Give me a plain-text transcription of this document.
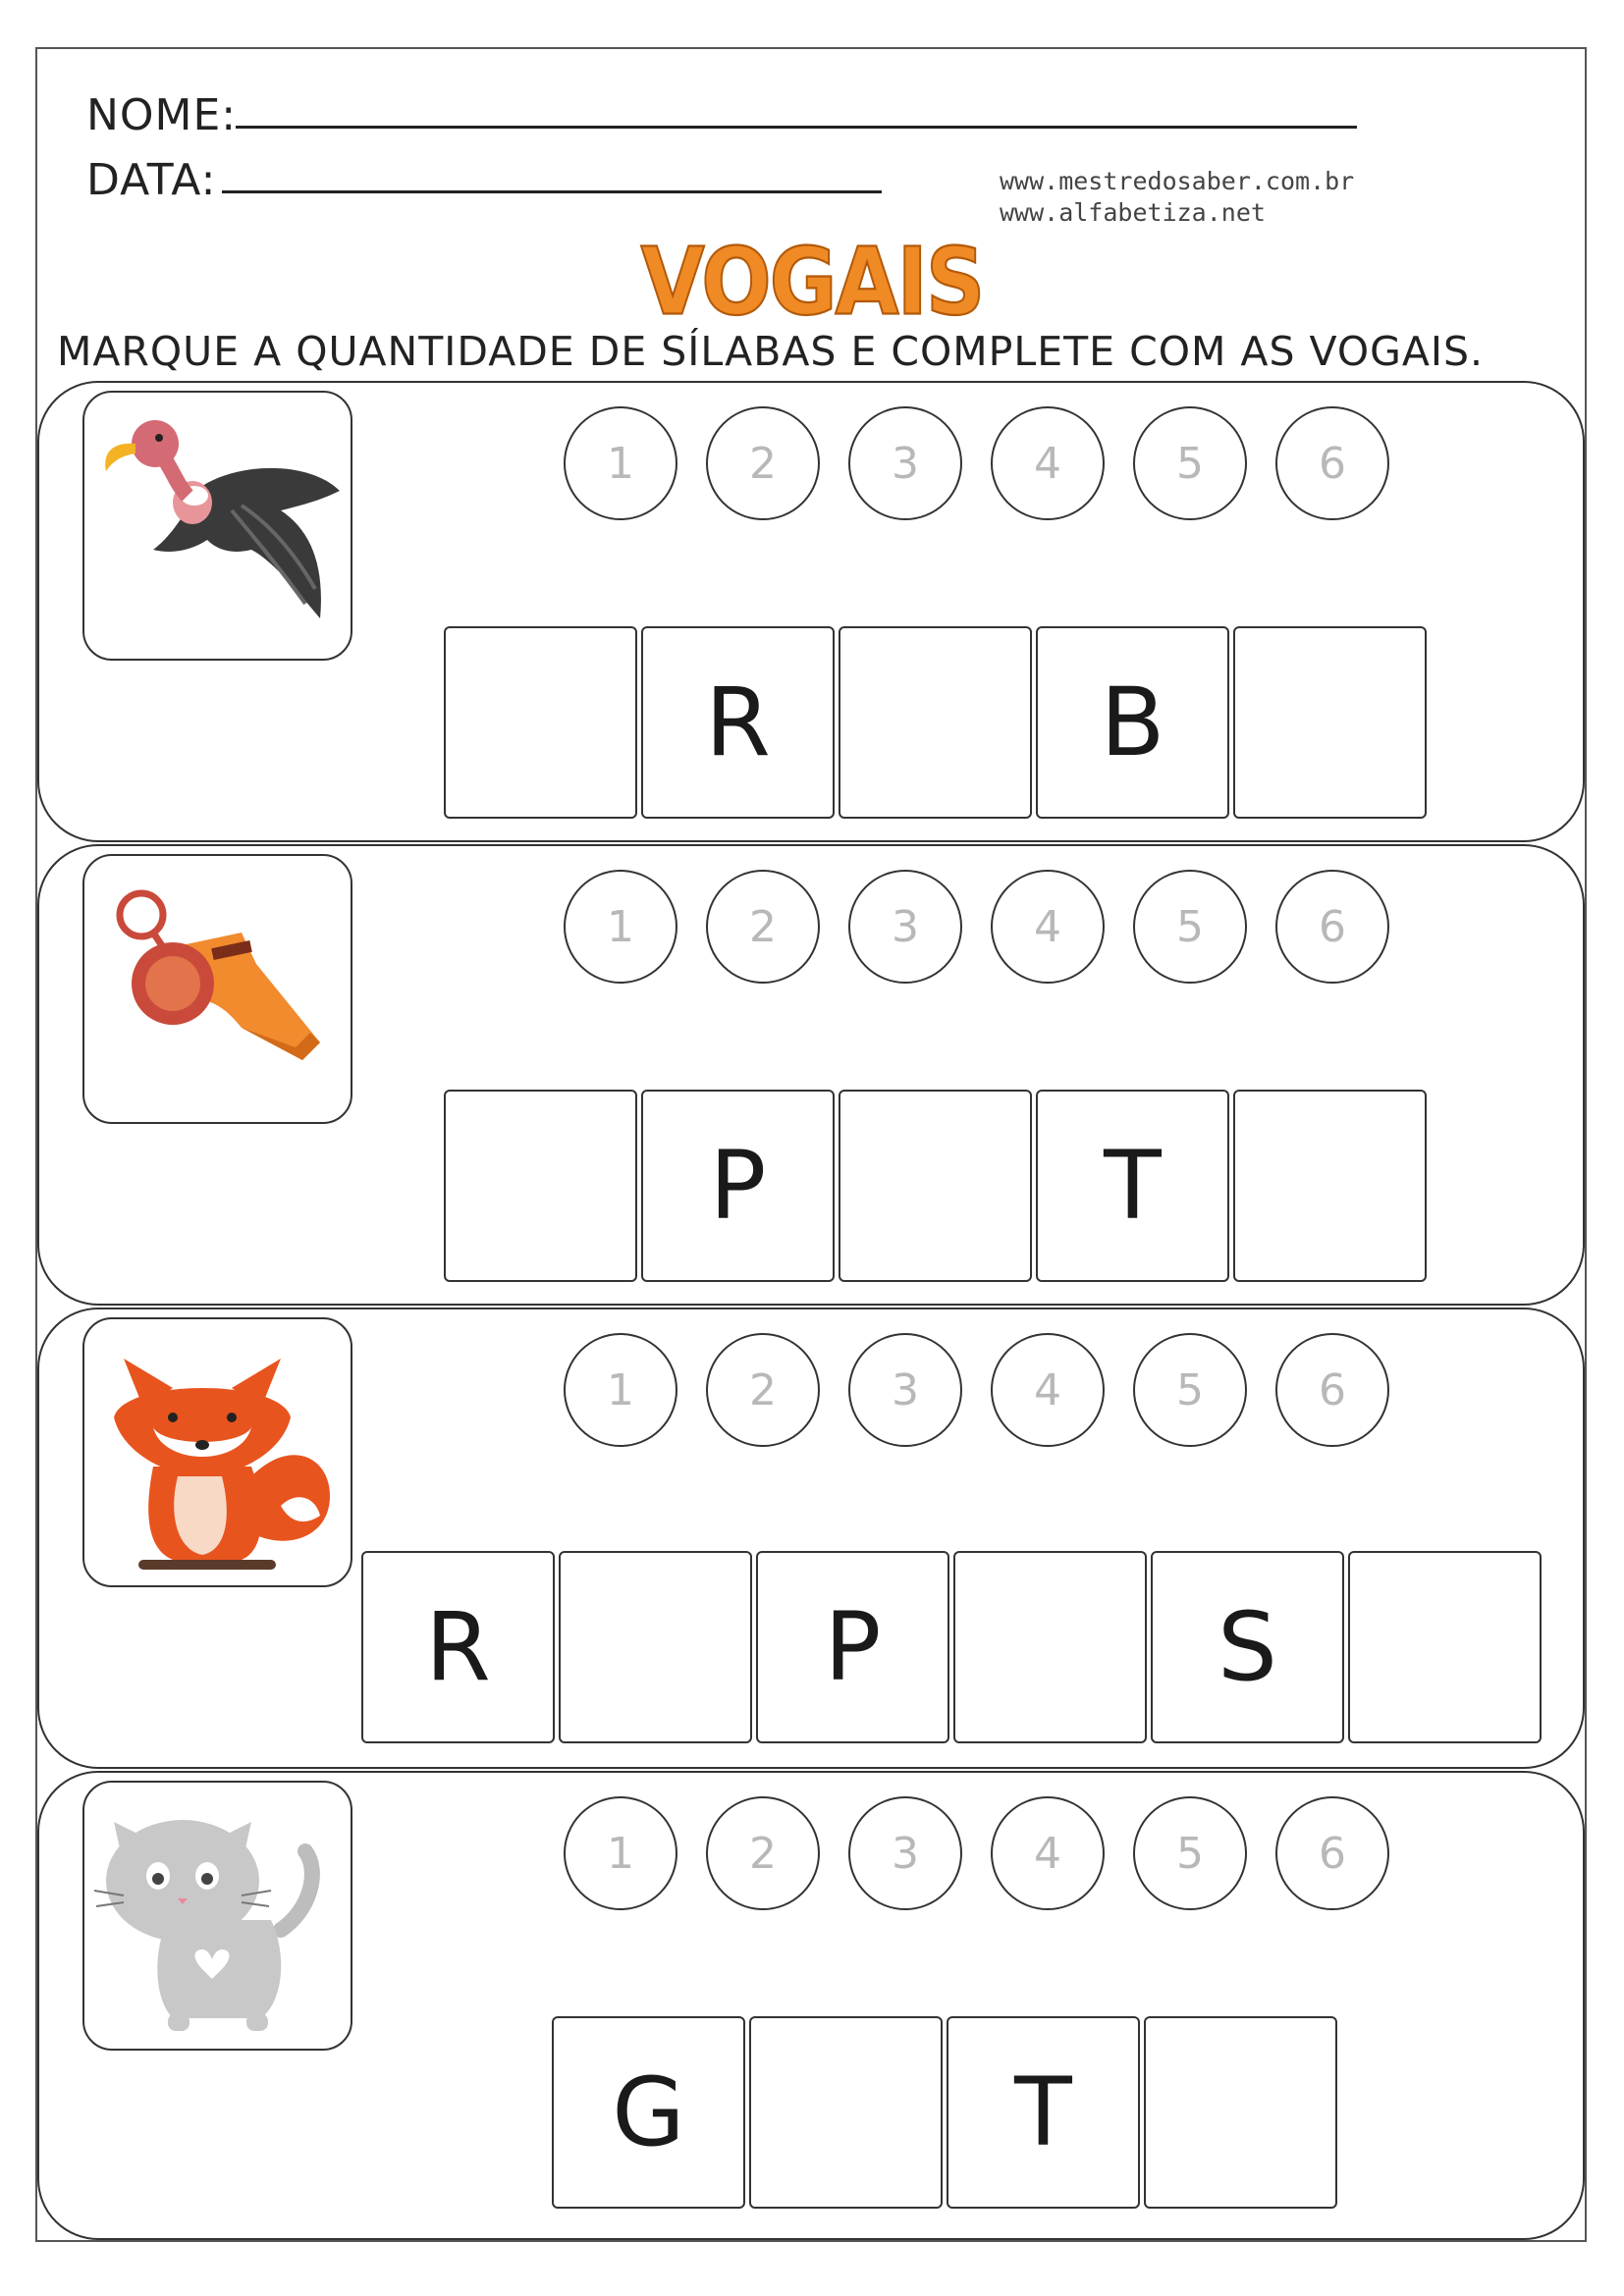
NOME:
DATA:	www.mestredosaber.com.br
www.alfabetiza.net
VOGAIS
MARQUE A QUANTIDADE DE SÍLABAS E COMPLETE COM AS VOGAIS.
1	2	3	4	5	6
R	B
1	2	3	4	5	6
P	T
1	2	3	4	5	6
R	P	S
1	2	3	4	5	6
G	T
